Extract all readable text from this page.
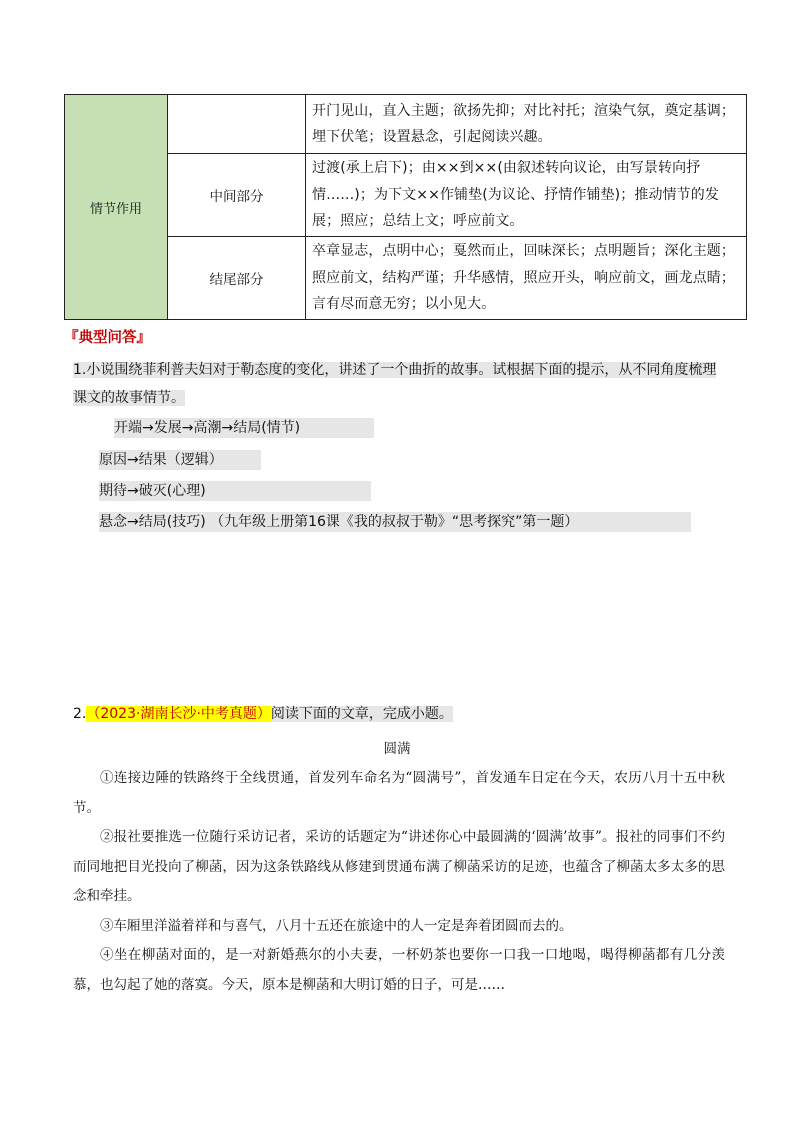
情节作用		开门见山，直入主题；欲扬先抑；对比衬托；渲染气氛，奠定基调；埋下伏笔；设置悬念，引起阅读兴趣。
	中间部分	过渡(承上启下)；由××到××(由叙述转向议论，由写景转向抒情……)；为下文××作铺垫(为议论、抒情作铺垫)；推动情节的发展；照应；总结上文；呼应前文。
	结尾部分	卒章显志，点明中心；戛然而止，回味深长；点明题旨；深化主题；照应前文，结构严谨；升华感情，照应开头，响应前文，画龙点睛；言有尽而意无穷；以小见大。
『典型问答』
1.小说围绕菲利普夫妇对于勒态度的变化，讲述了一个曲折的故事。试根据下面的提示，从不同角度梳理课文的故事情节。
开端→发展→高潮→结局(情节)
原因→结果（逻辑）
期待→破灭(心理)
悬念→结局(技巧) （九年级上册第16课《我的叔叔于勒》“思考探究”第一题）
2.（2023·湖南长沙·中考真题）阅读下面的文章，完成小题。
圆满

①连接边陲的铁路终于全线贯通，首发列车命名为“圆满号”，首发通车日定在今天，农历八月十五中秋节。

②报社要推选一位随行采访记者，采访的话题定为“讲述你心中最圆满的‘圆满’故事”。报社的同事们不约而同地把目光投向了柳菡，因为这条铁路线从修建到贯通布满了柳菡采访的足迹，也蕴含了柳菡太多太多的思念和牵挂。

③车厢里洋溢着祥和与喜气，八月十五还在旅途中的人一定是奔着团圆而去的。

④坐在柳菡对面的，是一对新婚燕尔的小夫妻，一杯奶茶也要你一口我一口地喝，喝得柳菡都有几分羡慕，也勾起了她的落寞。今天，原本是柳菡和大明订婚的日子，可是……
